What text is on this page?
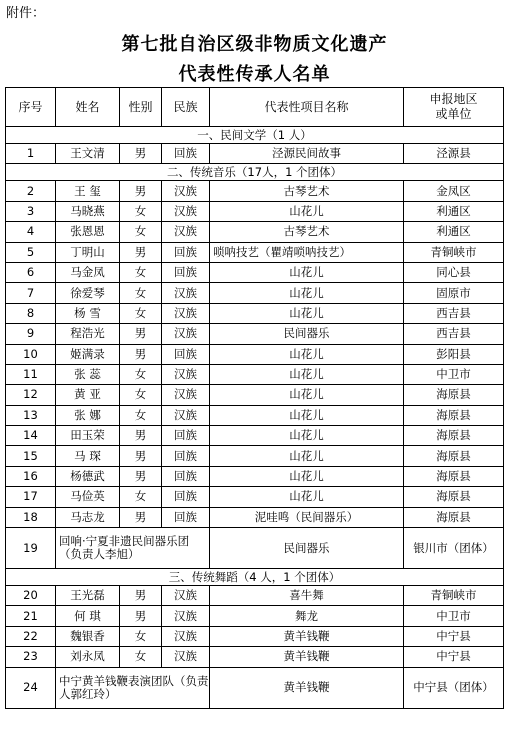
附件：
第七批自治区级非物质文化遗产
代表性传承人名单
序号	姓名	性别	民族	代表性项目名称	申报地区
或单位

一、民间文学（1 人）					
1	王文清	男	回族	泾源民间故事	泾源县
二、传统音乐（17人，1 个团体）					
2	王 玺	男	汉族	古琴艺术	金凤区
3	马晓燕	女	汉族	山花儿	利通区
4	张恩恩	女	汉族	古琴艺术	利通区
5	丁明山	男	回族	唢呐技艺（瞿靖唢呐技艺）	青铜峡市
6	马金凤	女	回族	山花儿	同心县
7	徐爱琴	女	汉族	山花儿	固原市
8	杨 雪	女	汉族	山花儿	西吉县
9	程浩光	男	汉族	民间器乐	西吉县
10	姬满录	男	回族	山花儿	彭阳县
11	张 蕊	女	汉族	山花儿	中卫市
12	黄 亚	女	汉族	山花儿	海原县
13	张 娜	女	汉族	山花儿	海原县
14	田玉荣	男	回族	山花儿	海原县
15	马 琛	男	回族	山花儿	海原县
16	杨德武	男	回族	山花儿	海原县
17	马俭英	女	回族	山花儿	海原县
18	马志龙	男	回族	泥哇鸣（民间器乐）	海原县
19	回响·宁夏非遗民间器乐团（负责人李旭）			民间器乐	银川市（团体）
三、传统舞蹈（4 人，1 个团体）					
20	王光磊	男	汉族	喜牛舞	青铜峡市
21	何 琪	男	汉族	舞龙	中卫市
22	魏银香	女	汉族	黄羊钱鞭	中宁县
23	刘永凤	女	汉族	黄羊钱鞭	中宁县
24	中宁黄羊钱鞭表演团队（负责人郭红玲）			黄羊钱鞭	中宁县（团体）
